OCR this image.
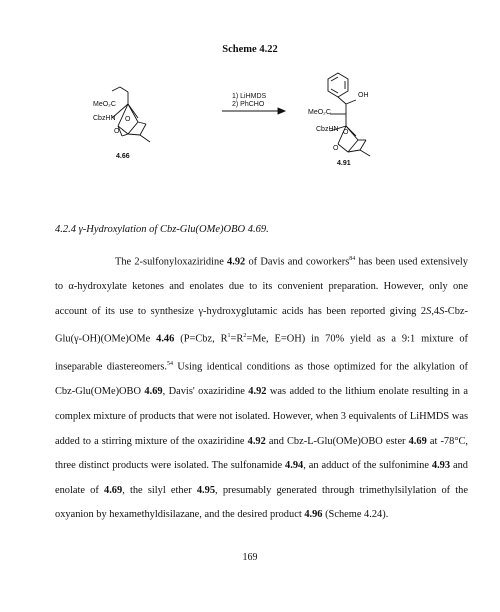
Scheme 4.22
MeO₂C
CbzHN O
O
4.66
1) LiHMDS
2) PhCHO
OH
MeO₂C
CbzHN O
O
4.91
4.2.4 γ-Hydroxylation of Cbz-Glu(OMe)OBO 4.69.

The 2-sulfonyloxaziridine 4.92 of Davis and coworkers$^{84}$ has been used extensively to α-hydroxylate ketones and enolates due to its convenient preparation. However, only one account of its use to synthesize γ-hydroxyglutamic acids has been reported giving 2S,4S-Cbz-Glu(γ-OH)(OMe)OMe 4.46 (P=Cbz, $R^1=R^2=Me$, E=OH) in 70% yield as a 9:1 mixture of inseparable diastereomers.$^{54}$ Using identical conditions as those optimized for the alkylation of Cbz-Glu(OMe)OBO 4.69, Davis' oxaziridine 4.92 was added to the lithium enolate resulting in a complex mixture of products that were not isolated. However, when 3 equivalents of LiHMDS was added to a stirring mixture of the oxaziridine 4.92 and Cbz-L-Glu(OMe)OBO ester 4.69 at -78°C, three distinct products were isolated. The sulfonamide 4.94, an adduct of the sulfonimine 4.93 and enolate of 4.69, the silyl ether 4.95, presumably generated through trimethylsilylation of the oxyanion by hexamethyldisilazane, and the desired product 4.96 (Scheme 4.24).

169
